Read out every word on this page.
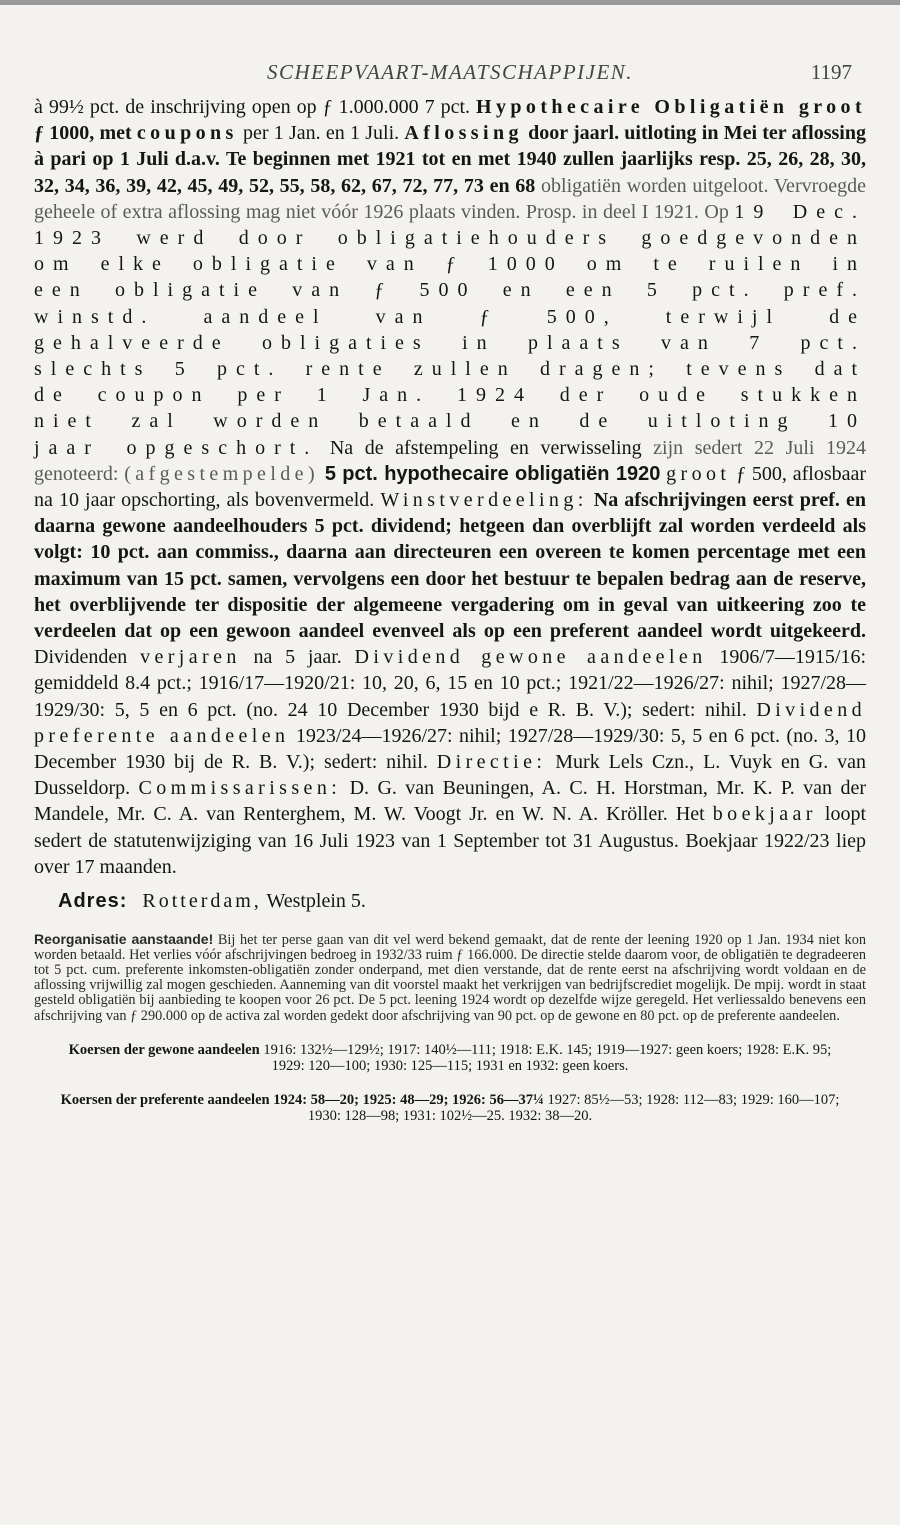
SCHEEPVAART-MAATSCHAPPIJEN.	1197

à 99½ pct. de inschrijving open op ƒ 1.000.000 7 pct. Hypothecaire Obligatiën groot ƒ 1000, met coupons per 1 Jan. en 1 Juli. Aflossing door jaarl. uitloting in Mei ter aflossing à pari op 1 Juli d.a.v. Te beginnen met 1921 tot en met 1940 zullen jaarlijks resp. 25, 26, 28, 30, 32, 34, 36, 39, 42, 45, 49, 52, 55, 58, 62, 67, 72, 77, 73 en 68 obligatiën worden uitgeloot. Vervroegde geheele of extra aflossing mag niet vóór 1926 plaats vinden. Prosp. in deel I 1921. Op 19 Dec. 1923 werd door obligatiehouders goedgevonden om elke obligatie van ƒ 1000 om te ruilen in een obligatie van ƒ 500 en een 5 pct. pref. winstd. aandeel van ƒ 500, terwijl de gehalveerde obligaties in plaats van 7 pct. slechts 5 pct. rente zullen dragen; tevens dat de coupon per 1 Jan. 1924 der oude stukken niet zal worden betaald en de uitloting 10 jaar opgeschort. Na de afstempeling en verwisseling zijn sedert 22 Juli 1924 genoteerd: (afgestempelde) 5 pct. hypothecaire obligatiën 1920 groot ƒ 500, aflosbaar na 10 jaar opschorting, als bovenvermeld. Winstverdeeling: Na afschrijvingen eerst pref. en daarna gewone aandeelhouders 5 pct. dividend; hetgeen dan overblijft zal worden verdeeld als volgt: 10 pct. aan commiss., daarna aan directeuren een overeen te komen percentage met een maximum van 15 pct. samen, vervolgens een door het bestuur te bepalen bedrag aan de reserve, het overblijvende ter dispositie der algemeene vergadering om in geval van uitkeering zoo te verdeelen dat op een gewoon aandeel evenveel als op een preferent aandeel wordt uitgekeerd. Dividenden verjaren na 5 jaar. Dividend gewone aandeelen 1906/7—1915/16: gemiddeld 8.4 pct.; 1916/17—1920/21: 10, 20, 6, 15 en 10 pct.; 1921/22—1926/27: nihil; 1927/28—1929/30: 5, 5 en 6 pct. (no. 24 10 December 1930 bijd e R. B. V.); sedert: nihil. Dividend preferente aandeelen 1923/24—1926/27: nihil; 1927/28—1929/30: 5, 5 en 6 pct. (no. 3, 10 December 1930 bij de R. B. V.); sedert: nihil. Directie: Murk Lels Czn., L. Vuyk en G. van Dusseldorp. Commissarissen: D. G. van Beuningen, A. C. H. Horstman, Mr. K. P. van der Mandele, Mr. C. A. van Renterghem, M. W. Voogt Jr. en W. N. A. Kröller. Het boekjaar loopt sedert de statutenwijziging van 16 Juli 1923 van 1 September tot 31 Augustus. Boekjaar 1922/23 liep over 17 maanden.

Adres: Rotterdam, Westplein 5.

Reorganisatie aanstaande! Bij het ter perse gaan van dit vel werd bekend gemaakt, dat de rente der leening 1920 op 1 Jan. 1934 niet kon worden betaald. Het verlies vóór afschrijvingen bedroeg in 1932/33 ruim ƒ 166.000. De directie stelde daarom voor, de obligatiën te degradeeren tot 5 pct. cum. preferente inkomsten-obligatiën zonder onderpand, met dien verstande, dat de rente eerst na afschrijving wordt voldaan en de aflossing vrijwillig zal mogen geschieden. Aanneming van dit voorstel maakt het verkrijgen van bedrijfscrediet mogelijk. De mpij. wordt in staat gesteld obligatiën bij aanbieding te koopen voor 26 pct. De 5 pct. leening 1924 wordt op dezelfde wijze geregeld. Het verliessaldo benevens een afschrijving van ƒ 290.000 op de activa zal worden gedekt door afschrijving van 90 pct. op de gewone en 80 pct. op de preferente aandeelen.

Koersen der gewone aandeelen 1916: 132½—129½; 1917: 140½—111; 1918: E.K. 145; 1919—1927: geen koers; 1928: E.K. 95; 1929: 120—100; 1930: 125—115; 1931 en 1932: geen koers.

Koersen der preferente aandeelen 1924: 58—20; 1925: 48—29; 1926: 56—37¼ 1927: 85½—53; 1928: 112—83; 1929: 160—107; 1930: 128—98; 1931: 102½—25. 1932: 38—20.
